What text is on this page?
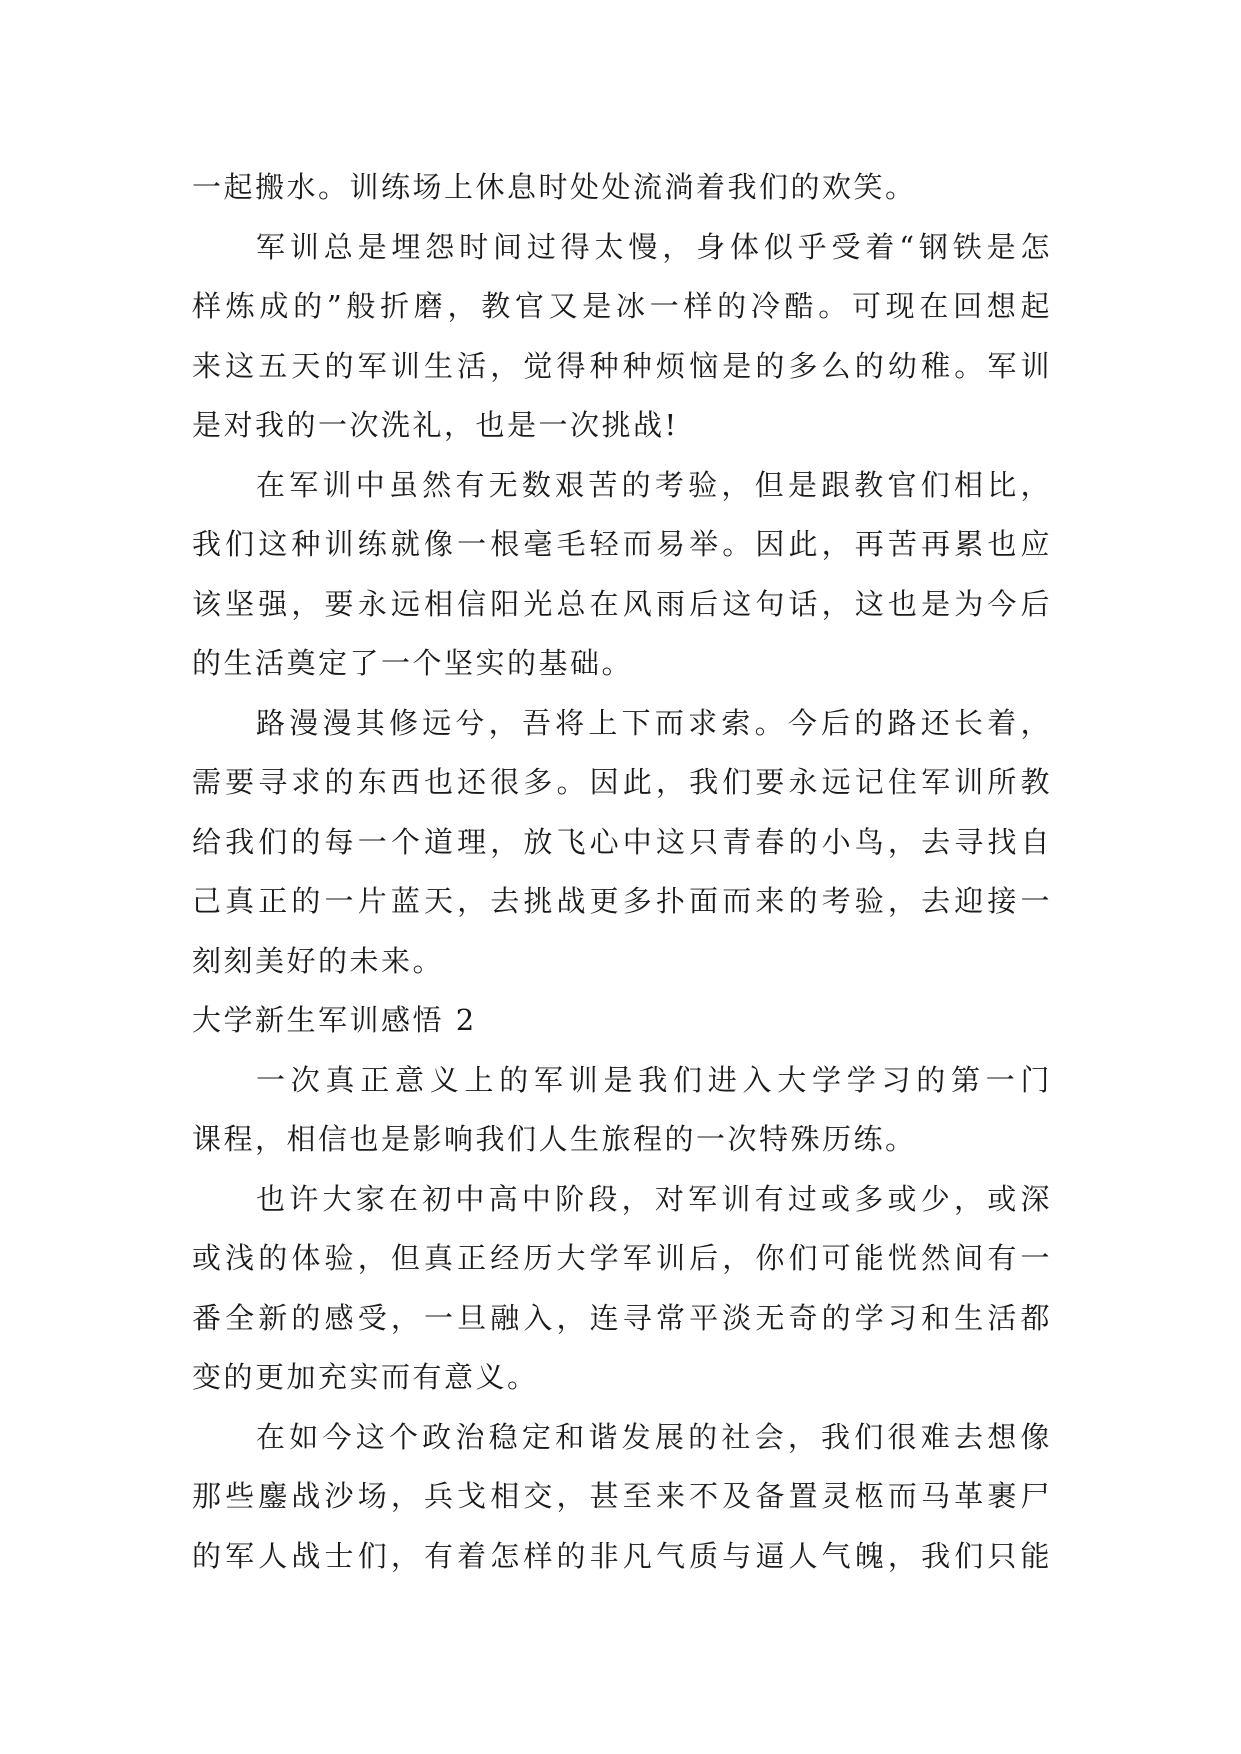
一起搬水。训练场上休息时处处流淌着我们的欢笑。
军训总是埋怨时间过得太慢，身体似乎受着“钢铁是怎
样炼成的”般折磨，教官又是冰一样的冷酷。可现在回想起
来这五天的军训生活，觉得种种烦恼是的多么的幼稚。军训
是对我的一次洗礼，也是一次挑战!
在军训中虽然有无数艰苦的考验，但是跟教官们相比，
我们这种训练就像一根毫毛轻而易举。因此，再苦再累也应
该坚强，要永远相信阳光总在风雨后这句话，这也是为今后
的生活奠定了一个坚实的基础。
路漫漫其修远兮，吾将上下而求索。今后的路还长着，
需要寻求的东西也还很多。因此，我们要永远记住军训所教
给我们的每一个道理，放飞心中这只青春的小鸟，去寻找自
己真正的一片蓝天，去挑战更多扑面而来的考验，去迎接一
刻刻美好的未来。
大学新生军训感悟 2
一次真正意义上的军训是我们进入大学学习的第一门
课程，相信也是影响我们人生旅程的一次特殊历练。
也许大家在初中高中阶段，对军训有过或多或少，或深
或浅的体验，但真正经历大学军训后，你们可能恍然间有一
番全新的感受，一旦融入，连寻常平淡无奇的学习和生活都
变的更加充实而有意义。
在如今这个政治稳定和谐发展的社会，我们很难去想像
那些鏖战沙场，兵戈相交，甚至来不及备置灵柩而马革裹尸
的军人战士们，有着怎样的非凡气质与逼人气魄，我们只能
